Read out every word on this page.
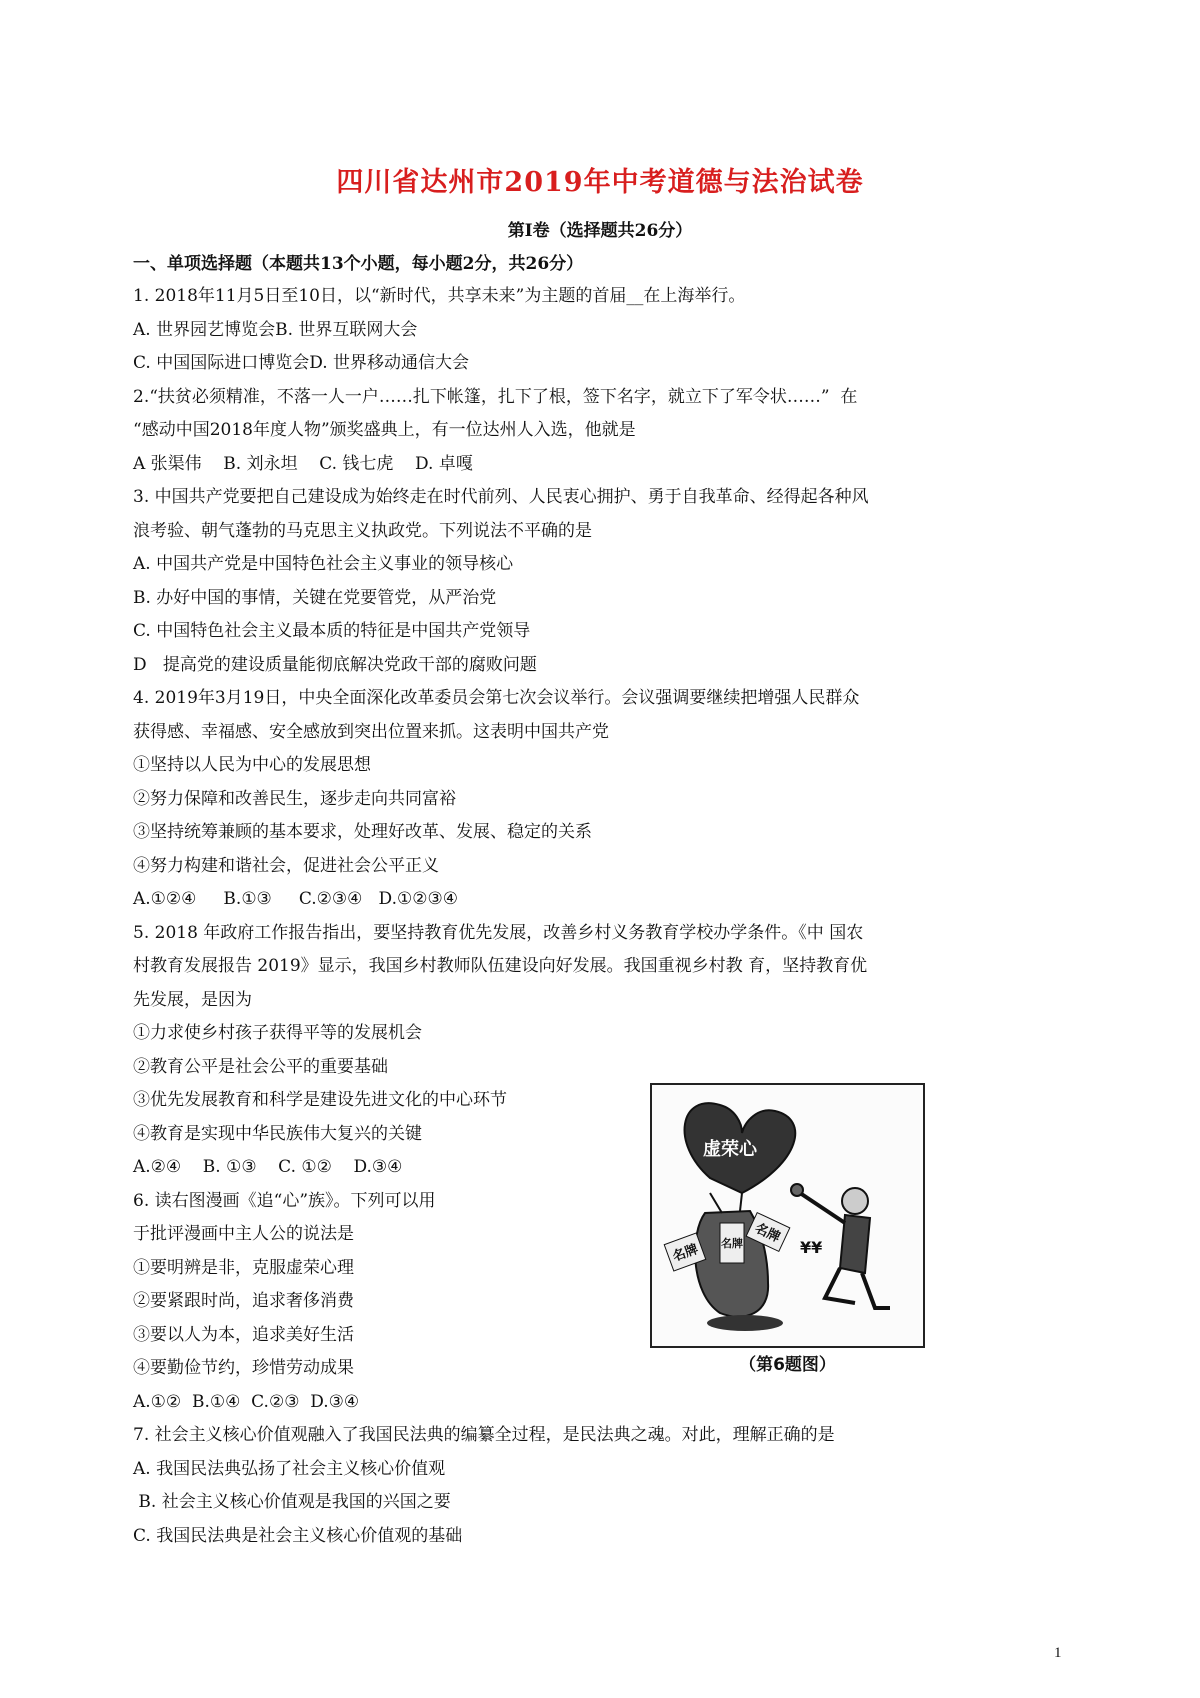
四川省达州市2019年中考道德与法治试卷
第Ⅰ卷（选择题共26分）
一、单项选择题（本题共13个小题，每小题2分，共26分）
1. 2018年11月5日至10日，以“新时代，共享未来”为主题的首届__在上海举行。
A. 世界园艺博览会B. 世界互联网大会
C. 中国国际进口博览会D. 世界移动通信大会
2.“扶贫必须精准，不落一人一户……扎下帐篷，扎下了根，签下名字，就立下了军令状……”  在
“感动中国2018年度人物”颁奖盛典上，有一位达州人入选，他就是
A 张渠伟    B. 刘永坦    C. 钱七虎    D. 卓嘎
3. 中国共产党要把自己建设成为始终走在时代前列、人民衷心拥护、勇于自我革命、经得起各种风
浪考验、朝气蓬勃的马克思主义执政党。下列说法不平确的是
A. 中国共产党是中国特色社会主义事业的领导核心
B. 办好中国的事情，关键在党要管党，从严治党
C. 中国特色社会主义最本质的特征是中国共产党领导
D   提高党的建设质量能彻底解决党政干部的腐败问题
4. 2019年3月19日，中央全面深化改革委员会第七次会议举行。会议强调要继续把增强人民群众
获得感、幸福感、安全感放到突出位置来抓。这表明中国共产党
①坚持以人民为中心的发展思想
②努力保障和改善民生，逐步走向共同富裕
③坚持统筹兼顾的基本要求，处理好改革、发展、稳定的关系
④努力构建和谐社会，促进社会公平正义
A.①②④     B.①③     C.②③④   D.①②③④
5. 2018 年政府工作报告指出，要坚持教育优先发展，改善乡村义务教育学校办学条件。《中 国农
村教育发展报告 2019》显示，我国乡村教师队伍建设向好发展。我国重视乡村教 育，坚持教育优
先发展，是因为
①力求使乡村孩子获得平等的发展机会
②教育公平是社会公平的重要基础
③优先发展教育和科学是建设先进文化的中心环节
④教育是实现中华民族伟大复兴的关键
A.②④    B. ①③    C. ①②    D.③④
6. 读右图漫画《追“心”族》。下列可以用
于批评漫画中主人公的说法是
①要明辨是非，克服虚荣心理
②要紧跟时尚，追求奢侈消费
③要以人为本，追求美好生活
④要勤俭节约，珍惜劳动成果
A.①②  B.①④  C.②③  D.③④
7. 社会主义核心价值观融入了我国民法典的编纂全过程，是民法典之魂。对此，理解正确的是
A. 我国民法典弘扬了社会主义核心价值观
B. 社会主义核心价值观是我国的兴国之要
C. 我国民法典是社会主义核心价值观的基础
虚荣心
名牌 名牌 名牌
¥¥
（第6题图）
1
